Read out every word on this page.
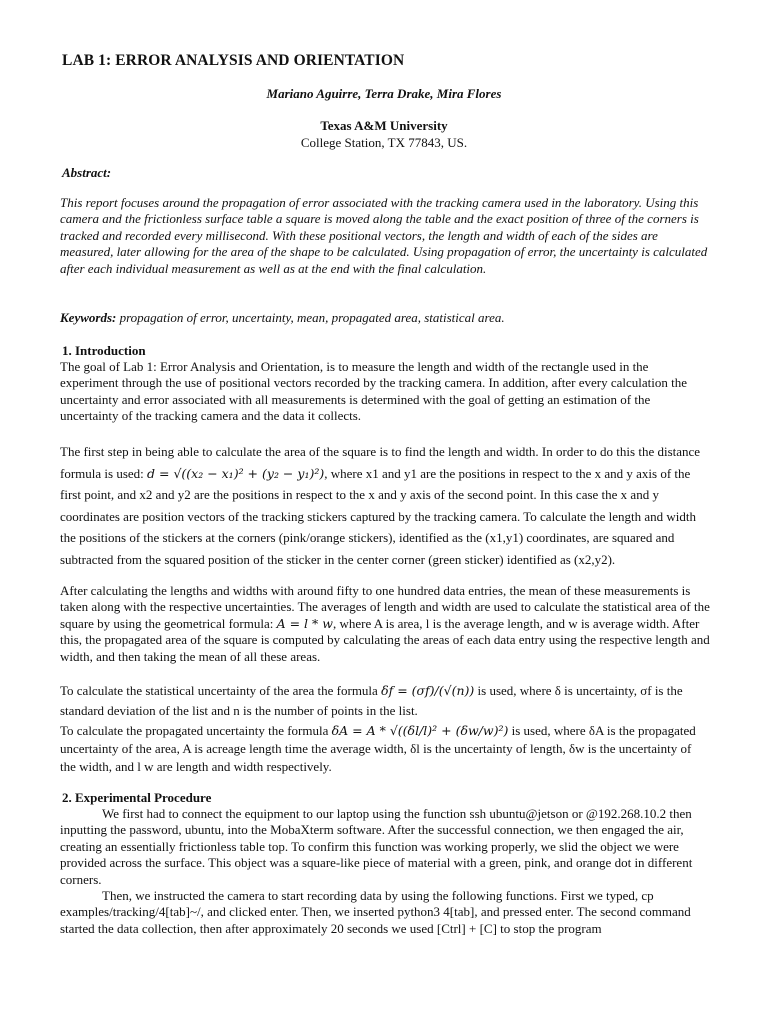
LAB 1: ERROR ANALYSIS AND ORIENTATION

Mariano Aguirre, Terra Drake, Mira Flores

Texas A&M University
College Station, TX 77843, US.

Abstract:

This report focuses around the propagation of error associated with the tracking camera used in the laboratory. Using this camera and the frictionless surface table a square is moved along the table and the exact position of three of the corners is tracked and recorded every millisecond. With these positional vectors, the length and width of each of the sides are measured, later allowing for the area of the shape to be calculated. Using propagation of error, the uncertainty is calculated after each individual measurement as well as at the end with the final calculation.

Keywords: propagation of error, uncertainty, mean, propagated area, statistical area.

1. Introduction

The goal of Lab 1: Error Analysis and Orientation, is to measure the length and width of the rectangle used in the experiment through the use of positional vectors recorded by the tracking camera. In addition, after every calculation the uncertainty and error associated with all measurements is determined with the goal of getting an estimation of the uncertainty of the tracking camera and the data it collects.

The first step in being able to calculate the area of the square is to find the length and width. In order to do this the distance formula is used: d = √((x₂ − x₁)² + (y₂ − y₁)²), where x1 and y1 are the positions in respect to the x and y axis of the first point, and x2 and y2 are the positions in respect to the x and y axis of the second point. In this case the x and y coordinates are position vectors of the tracking stickers captured by the tracking camera. To calculate the length and width the positions of the stickers at the corners (pink/orange stickers), identified as the (x1,y1) coordinates, are squared and subtracted from the squared position of the sticker in the center corner (green sticker) identified as (x2,y2).

After calculating the lengths and widths with around fifty to one hundred data entries, the mean of these measurements is taken along with the respective uncertainties. The averages of length and width are used to calculate the statistical area of the square by using the geometrical formula: A = l * w, where A is area, l is the average length, and w is average width. After this, the propagated area of the square is computed by calculating the areas of each data entry using the respective length and width, and then taking the mean of all these areas.

To calculate the statistical uncertainty of the area the formula δf = (σf)/(√(n)) is used, where δ is uncertainty, σf is the standard deviation of the list and n is the number of points in the list.

To calculate the propagated uncertainty the formula δA = A * √((δl/l)² + (δw/w)²) is used, where δA is the propagated uncertainty of the area, A is acreage length time the average width, δl is the uncertainty of length, δw is the uncertainty of the width, and l w are length and width respectively.

2. Experimental Procedure

We first had to connect the equipment to our laptop using the function ssh ubuntu@jetson or @192.268.10.2 then inputting the password, ubuntu, into the MobaXterm software. After the successful connection, we then engaged the air, creating an essentially frictionless table top. To confirm this function was working properly, we slid the object we were provided across the surface. This object was a square-like piece of material with a green, pink, and orange dot in different corners.

Then, we instructed the camera to start recording data by using the following functions. First we typed, cp examples/tracking/4[tab]~/, and clicked enter. Then, we inserted python3 4[tab], and pressed enter. The second command started the data collection, then after approximately 20 seconds we used [Ctrl] + [C] to stop the program
